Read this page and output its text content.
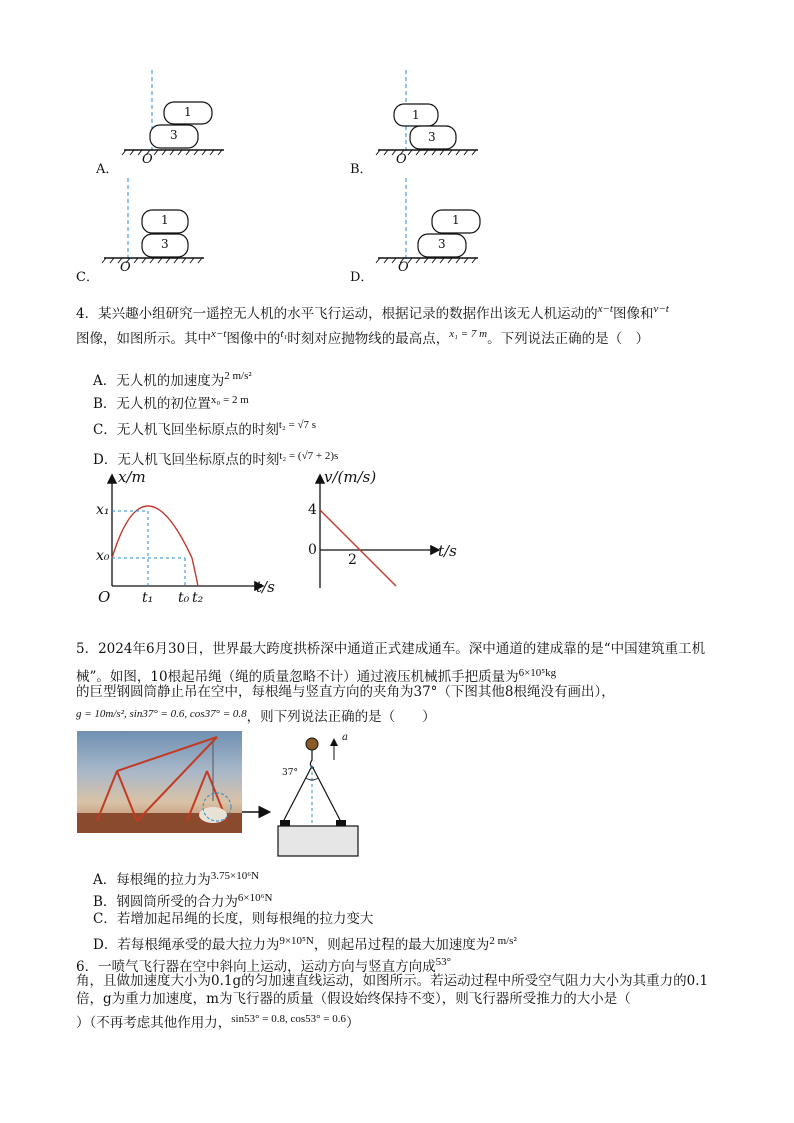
1
3
O
A．
1
3
O
B．
1
3
O
C．
1
3
O
D．
4．某兴趣小组研究一遥控无人机的水平飞行运动，根据记录的数据作出该无人机运动的$^{x-t}$图像和$^{v-t}$
图像，如图所示。其中$^{x-t}$图像中的$^{t_1}$时刻对应抛物线的最高点，$^{x_1 = 7 m}$。下列说法正确的是（　）
A．无人机的加速度为$^{2 m/s^2}$
B．无人机的初位置$^{x_0 = 2 m}$
C．无人机飞回坐标原点的时刻$^{t_2 = √7 s}$
D．无人机飞回坐标原点的时刻$^{t_2 = (√7 + 2)s}$
x/m
t/s
O
x₁
x₀
t₁ t₀ t₂
v/(m/s)
t/s
4
0
2
5．2024年6月30日，世界最大跨度拱桥深中通道正式建成通车。深中通道的建成靠的是“中国建筑重工机
械”。如图，10根起吊绳（绳的质量忽略不计）通过液压机械抓手把质量为$^{6\times 10^5kg}$
的巨型钢圆筒静止吊在空中，每根绳与竖直方向的夹角为37°（下图其他8根绳没有画出），
$^{g = 10m/s^2, sin37^\circ = 0.6, cos37^\circ = 0.8}$，则下列说法正确的是（　　）
37°
a
A．每根绳的拉力为$^{3.75\times 10^6N}$
B．钢圆筒所受的合力为$^{6\times 10^6N}$
C．若增加起吊绳的长度，则每根绳的拉力变大
D．若每根绳承受的最大拉力为$^{9\times 10^5N}$，则起吊过程的最大加速度为$^{2 m/s^2}$
6．一喷气飞行器在空中斜向上运动，运动方向与竖直方向成$^{53^\circ}$
角，且做加速度大小为0.1g的匀加速直线运动，如图所示。若运动过程中所受空气阻力大小为其重力的0.1
倍，g为重力加速度，m为飞行器的质量（假设始终保持不变），则飞行器所受推力的大小是（
）（不再考虑其他作用力，$^{sin53^\circ = 0.8, cos53^\circ = 0.6}$）
